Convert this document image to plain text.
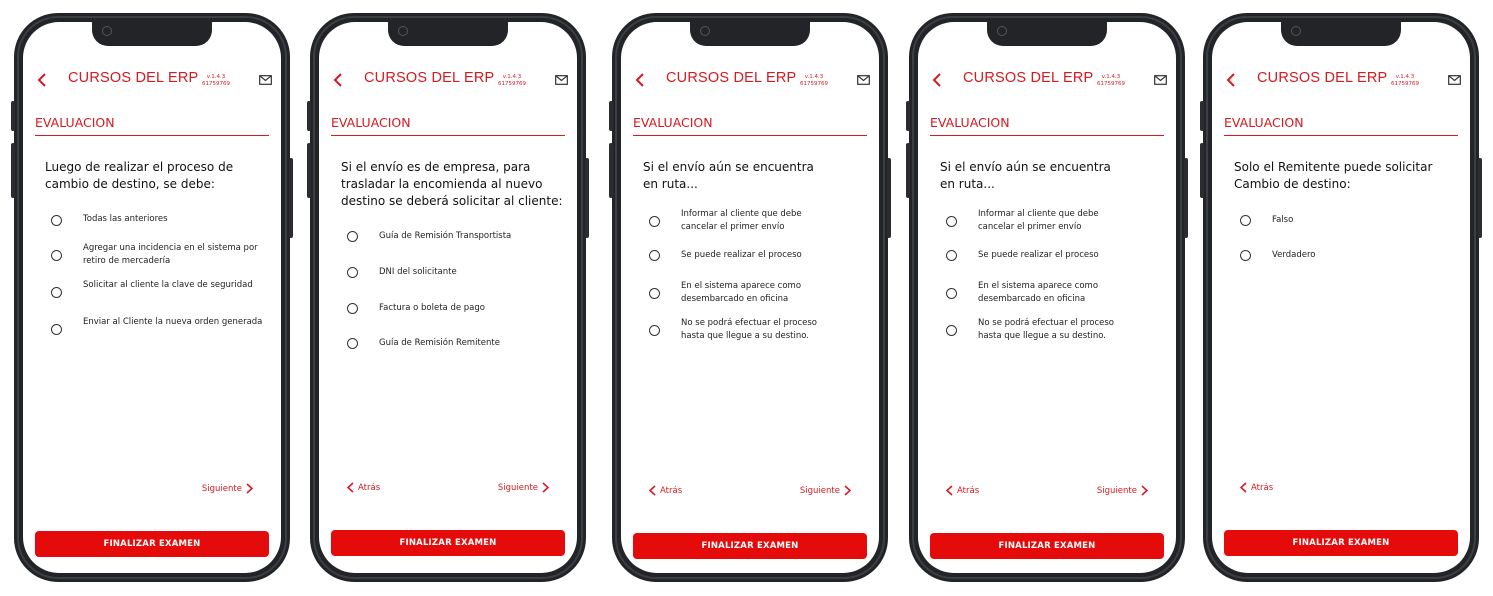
CURSOS DEL ERP	v.1.4.3
61759769
EVALUACION
Luego de realizar el proceso de cambio de destino, se debe:
Todas las anteriores
Agregar una incidencia en el sistema por retiro de mercadería
Solicitar al cliente la clave de seguridad
Enviar al Cliente la nueva orden generada
Siguiente
FINALIZAR EXAMEN
CURSOS DEL ERP	v.1.4.3
61759769
EVALUACION
Si el envío es de empresa, para trasladar la encomienda al nuevo destino se deberá solicitar al cliente:
Guía de Remisión Transportista
DNI del solicitante
Factura o boleta de pago
Guía de Remisión Remitente
Atrás	Siguiente
FINALIZAR EXAMEN
CURSOS DEL ERP	v.1.4.3
61759769
EVALUACION
Si el envío aún se encuentra en ruta...
Informar al cliente que debe cancelar el primer envío
Se puede realizar el proceso
En el sistema aparece como desembarcado en oficina
No se podrá efectuar el proceso hasta que llegue a su destino.
Atrás	Siguiente
FINALIZAR EXAMEN
CURSOS DEL ERP	v.1.4.3
61759769
EVALUACION
Si el envío aún se encuentra en ruta...
Informar al cliente que debe cancelar el primer envío
Se puede realizar el proceso
En el sistema aparece como desembarcado en oficina
No se podrá efectuar el proceso hasta que llegue a su destino.
Atrás	Siguiente
FINALIZAR EXAMEN
CURSOS DEL ERP	v.1.4.3
61759769
EVALUACION
Solo el Remitente puede solicitar Cambio de destino:
Falso
Verdadero
Atrás
FINALIZAR EXAMEN
